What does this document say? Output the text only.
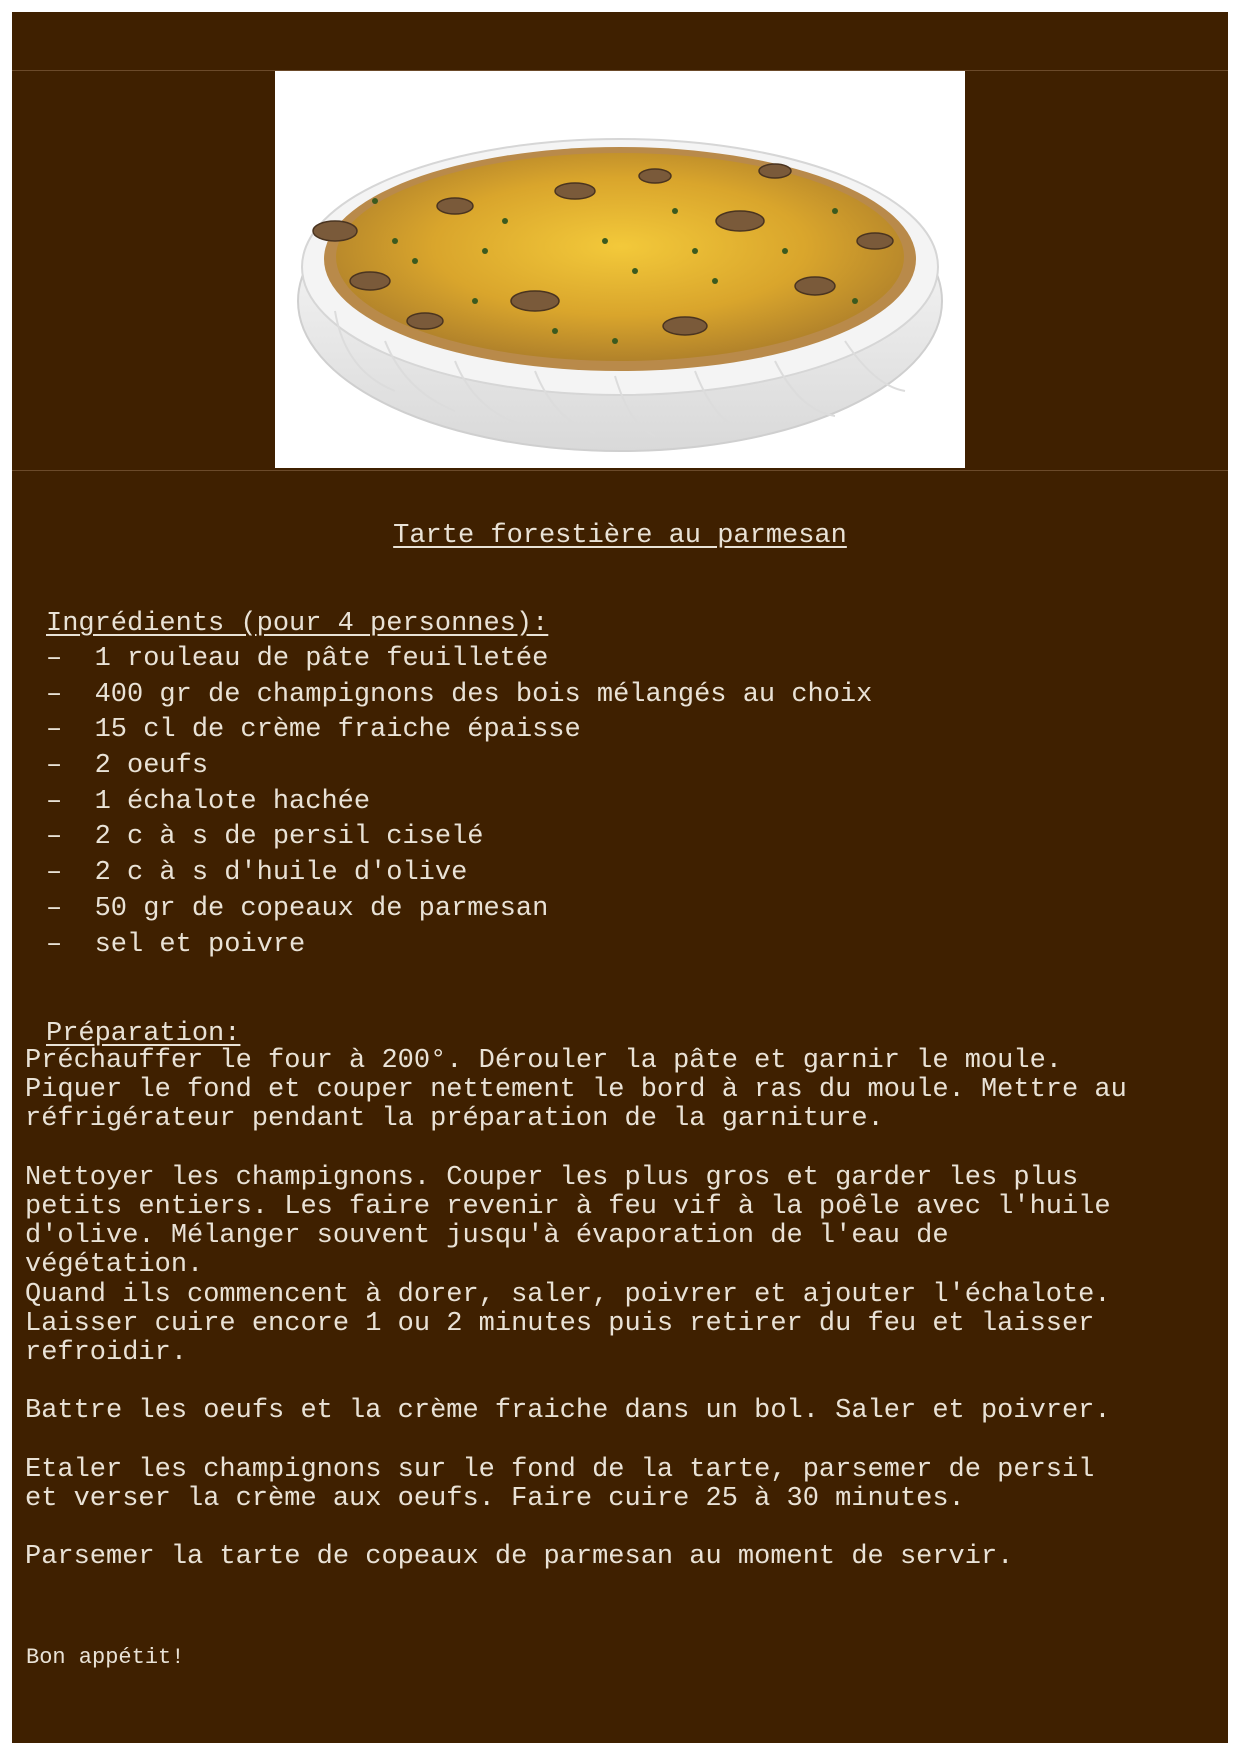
Tarte forestière au parmesan

Ingrédients (pour 4 personnes):

–  1 rouleau de pâte feuilletée
–  400 gr de champignons des bois mélangés au choix
–  15 cl de crème fraiche épaisse
–  2 oeufs
–  1 échalote hachée
–  2 c à s de persil ciselé
–  2 c à s d'huile d'olive
–  50 gr de copeaux de parmesan
–  sel et poivre

Préparation:

Préchauffer le four à 200°. Dérouler la pâte et garnir le moule.
Piquer le fond et couper nettement le bord à ras du moule. Mettre au
réfrigérateur pendant la préparation de la garniture.

Nettoyer les champignons. Couper les plus gros et garder les plus
petits entiers. Les faire revenir à feu vif à la poêle avec l'huile
d'olive. Mélanger souvent jusqu'à évaporation de l'eau de
végétation.
Quand ils commencent à dorer, saler, poivrer et ajouter l'échalote.
Laisser cuire encore 1 ou 2 minutes puis retirer du feu et laisser
refroidir.

Battre les oeufs et la crème fraiche dans un bol. Saler et poivrer.

Etaler les champignons sur le fond de la tarte, parsemer de persil
et verser la crème aux oeufs. Faire cuire 25 à 30 minutes.

Parsemer la tarte de copeaux de parmesan au moment de servir.

Bon appétit!
